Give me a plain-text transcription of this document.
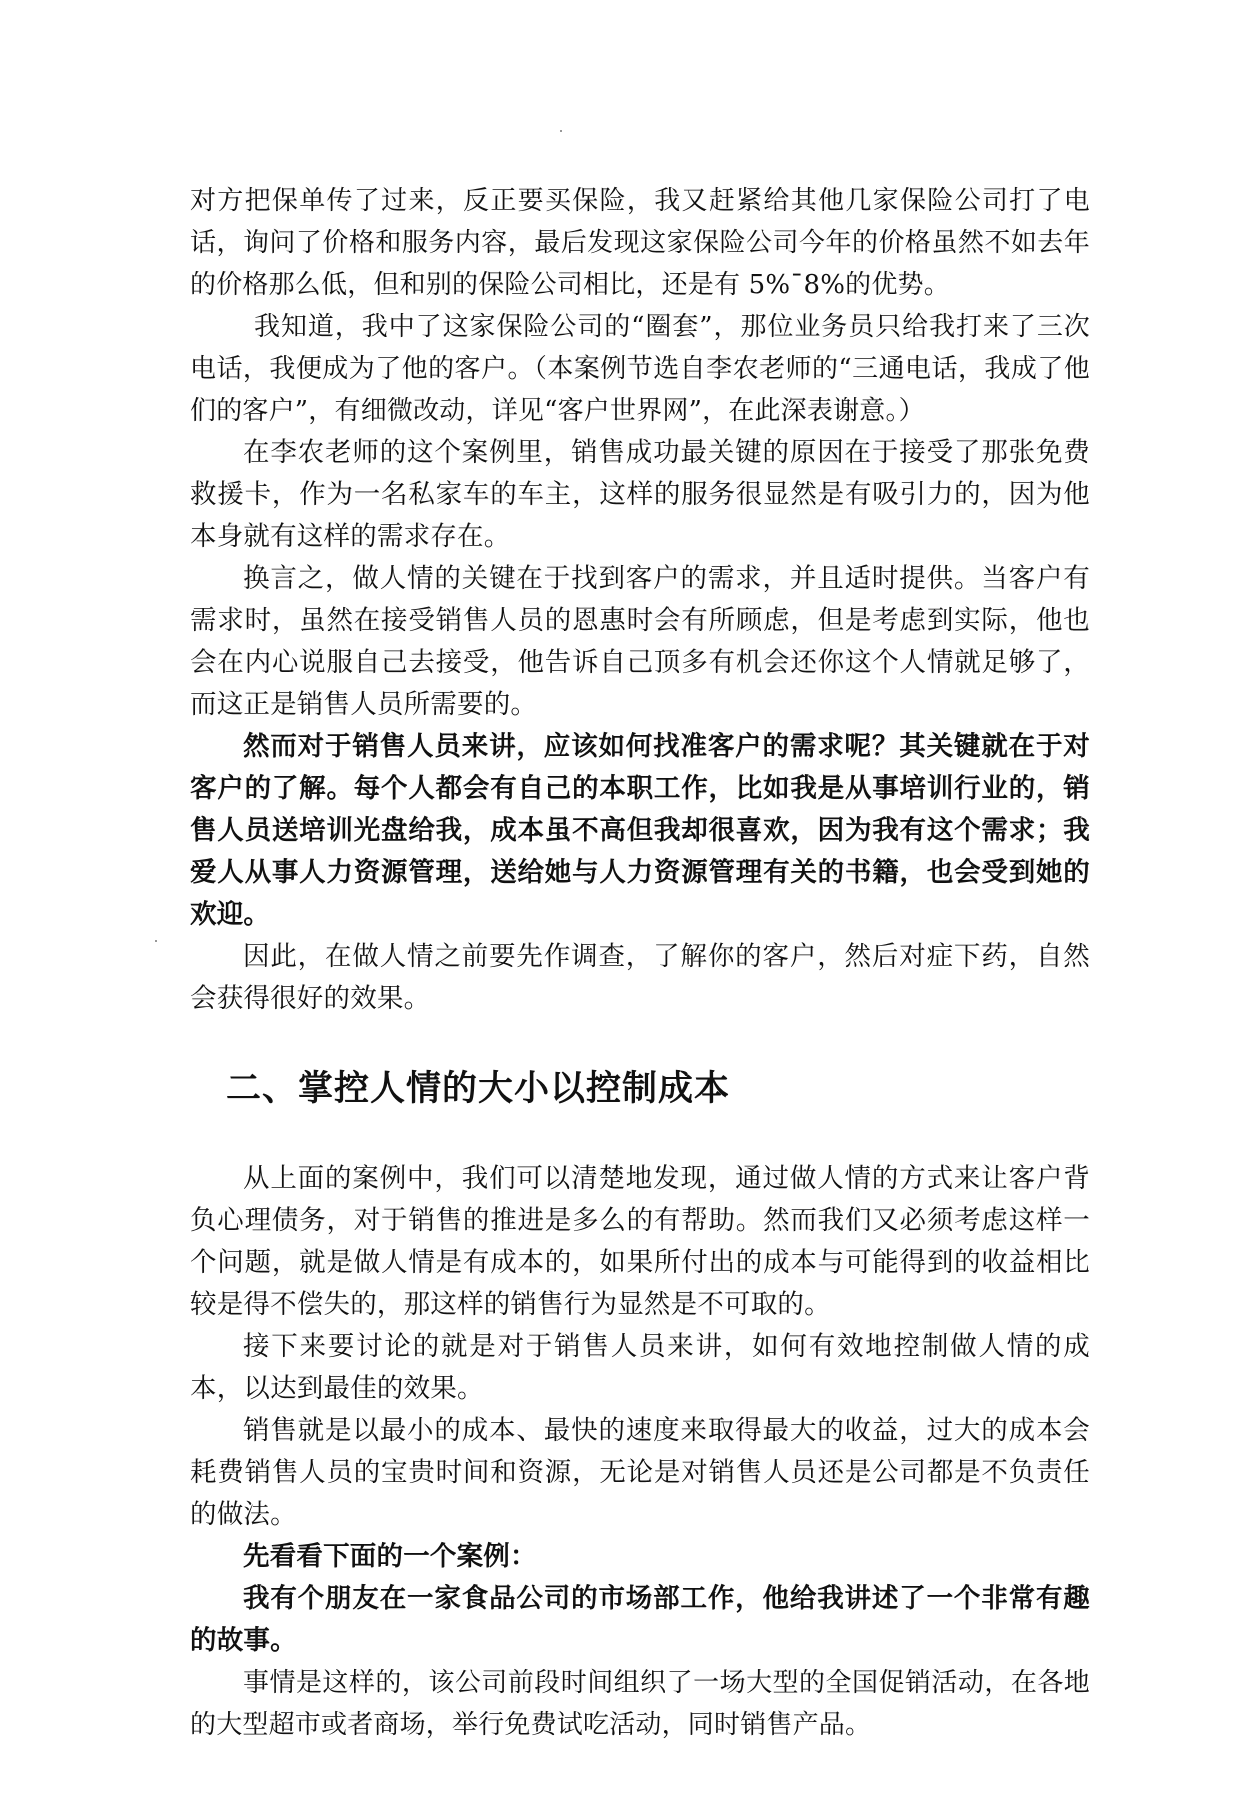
对方把保单传了过来，反正要买保险，我又赶紧给其他几家保险公司打了电话，询问了价格和服务内容，最后发现这家保险公司今年的价格虽然不如去年的价格那么低，但和别的保险公司相比，还是有 5%¯8%的优势。

我知道，我中了这家保险公司的“圈套”，那位业务员只给我打来了三次电话，我便成为了他的客户。（本案例节选自李农老师的“三通电话，我成了他们的客户”，有细微改动，详见“客户世界网”，在此深表谢意。）

在李农老师的这个案例里，销售成功最关键的原因在于接受了那张免费救援卡，作为一名私家车的车主，这样的服务很显然是有吸引力的，因为他本身就有这样的需求存在。

换言之，做人情的关键在于找到客户的需求，并且适时提供。当客户有需求时，虽然在接受销售人员的恩惠时会有所顾虑，但是考虑到实际，他也会在内心说服自己去接受，他告诉自己顶多有机会还你这个人情就足够了，而这正是销售人员所需要的。

然而对于销售人员来讲，应该如何找准客户的需求呢？其关键就在于对客户的了解。每个人都会有自己的本职工作，比如我是从事培训行业的，销售人员送培训光盘给我，成本虽不高但我却很喜欢，因为我有这个需求；我爱人从事人力资源管理，送给她与人力资源管理有关的书籍，也会受到她的欢迎。

因此，在做人情之前要先作调查，了解你的客户，然后对症下药，自然会获得很好的效果。

二、掌控人情的大小以控制成本

从上面的案例中，我们可以清楚地发现，通过做人情的方式来让客户背负心理债务，对于销售的推进是多么的有帮助。然而我们又必须考虑这样一个问题，就是做人情是有成本的，如果所付出的成本与可能得到的收益相比较是得不偿失的，那这样的销售行为显然是不可取的。

接下来要讨论的就是对于销售人员来讲，如何有效地控制做人情的成本，以达到最佳的效果。

销售就是以最小的成本、最快的速度来取得最大的收益，过大的成本会耗费销售人员的宝贵时间和资源，无论是对销售人员还是公司都是不负责任的做法。

先看看下面的一个案例：

我有个朋友在一家食品公司的市场部工作，他给我讲述了一个非常有趣的故事。

事情是这样的，该公司前段时间组织了一场大型的全国促销活动，在各地的大型超市或者商场，举行免费试吃活动，同时销售产品。
